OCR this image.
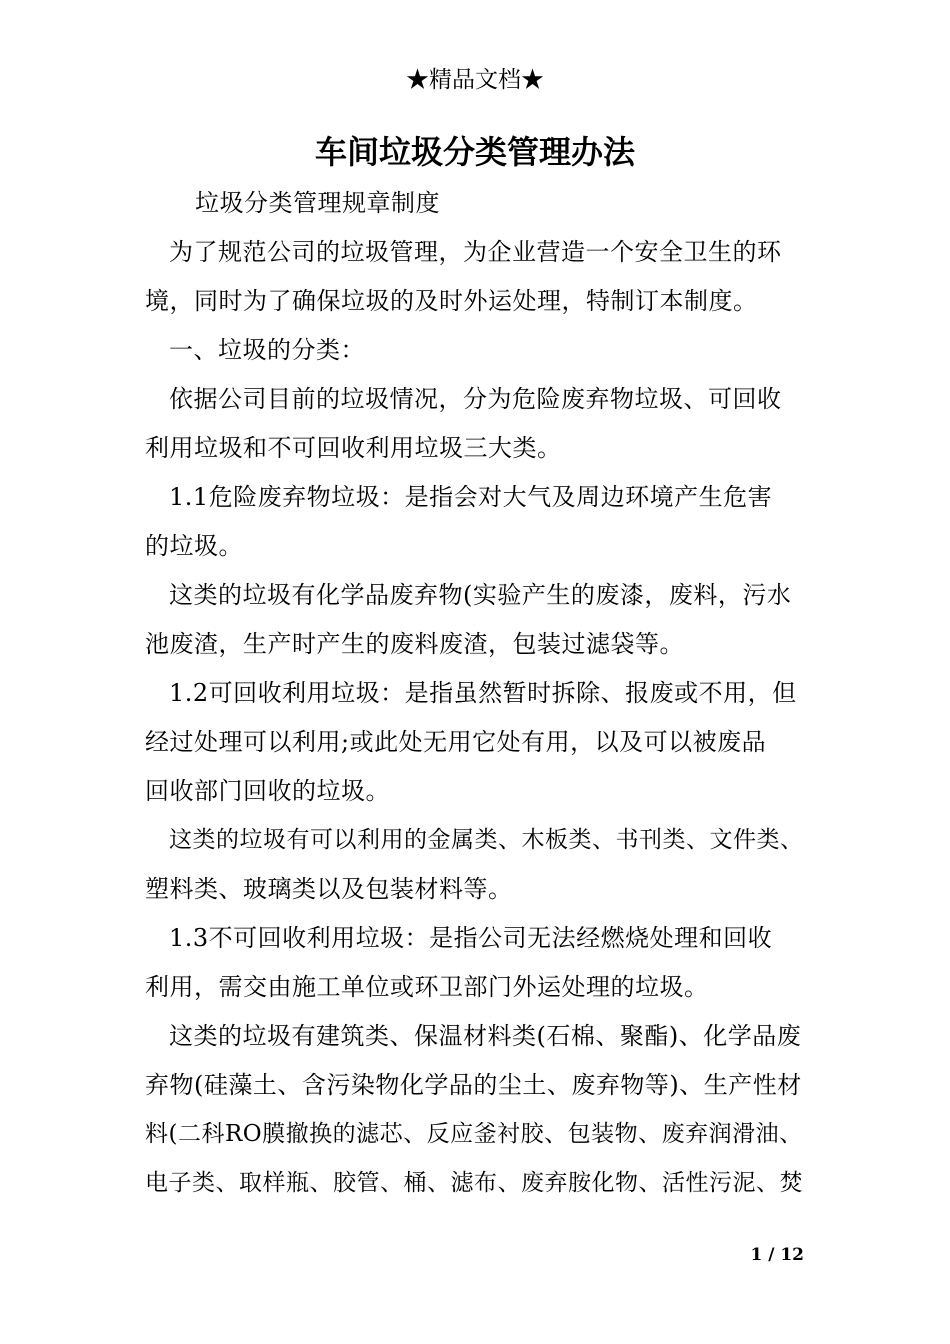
★精品文档★
车间垃圾分类管理办法
垃圾分类管理规章制度
为了规范公司的垃圾管理，为企业营造一个安全卫生的环
境，同时为了确保垃圾的及时外运处理，特制订本制度。
一、垃圾的分类：
依据公司目前的垃圾情况，分为危险废弃物垃圾、可回收
利用垃圾和不可回收利用垃圾三大类。
1.1危险废弃物垃圾：是指会对大气及周边环境产生危害
的垃圾。
这类的垃圾有化学品废弃物(实验产生的废漆，废料，污水
池废渣，生产时产生的废料废渣，包装过滤袋等。
1.2可回收利用垃圾：是指虽然暂时拆除、报废或不用，但
经过处理可以利用;或此处无用它处有用，以及可以被废品
回收部门回收的垃圾。
这类的垃圾有可以利用的金属类、木板类、书刊类、文件类、
塑料类、玻璃类以及包装材料等。
1.3不可回收利用垃圾：是指公司无法经燃烧处理和回收
利用，需交由施工单位或环卫部门外运处理的垃圾。
这类的垃圾有建筑类、保温材料类(石棉、聚酯)、化学品废
弃物(硅藻土、含污染物化学品的尘土、废弃物等)、生产性材
料(二科RO膜撤换的滤芯、反应釜衬胶、包装物、废弃润滑油、
电子类、取样瓶、胶管、桶、滤布、废弃胺化物、活性污泥、焚
1 / 12
